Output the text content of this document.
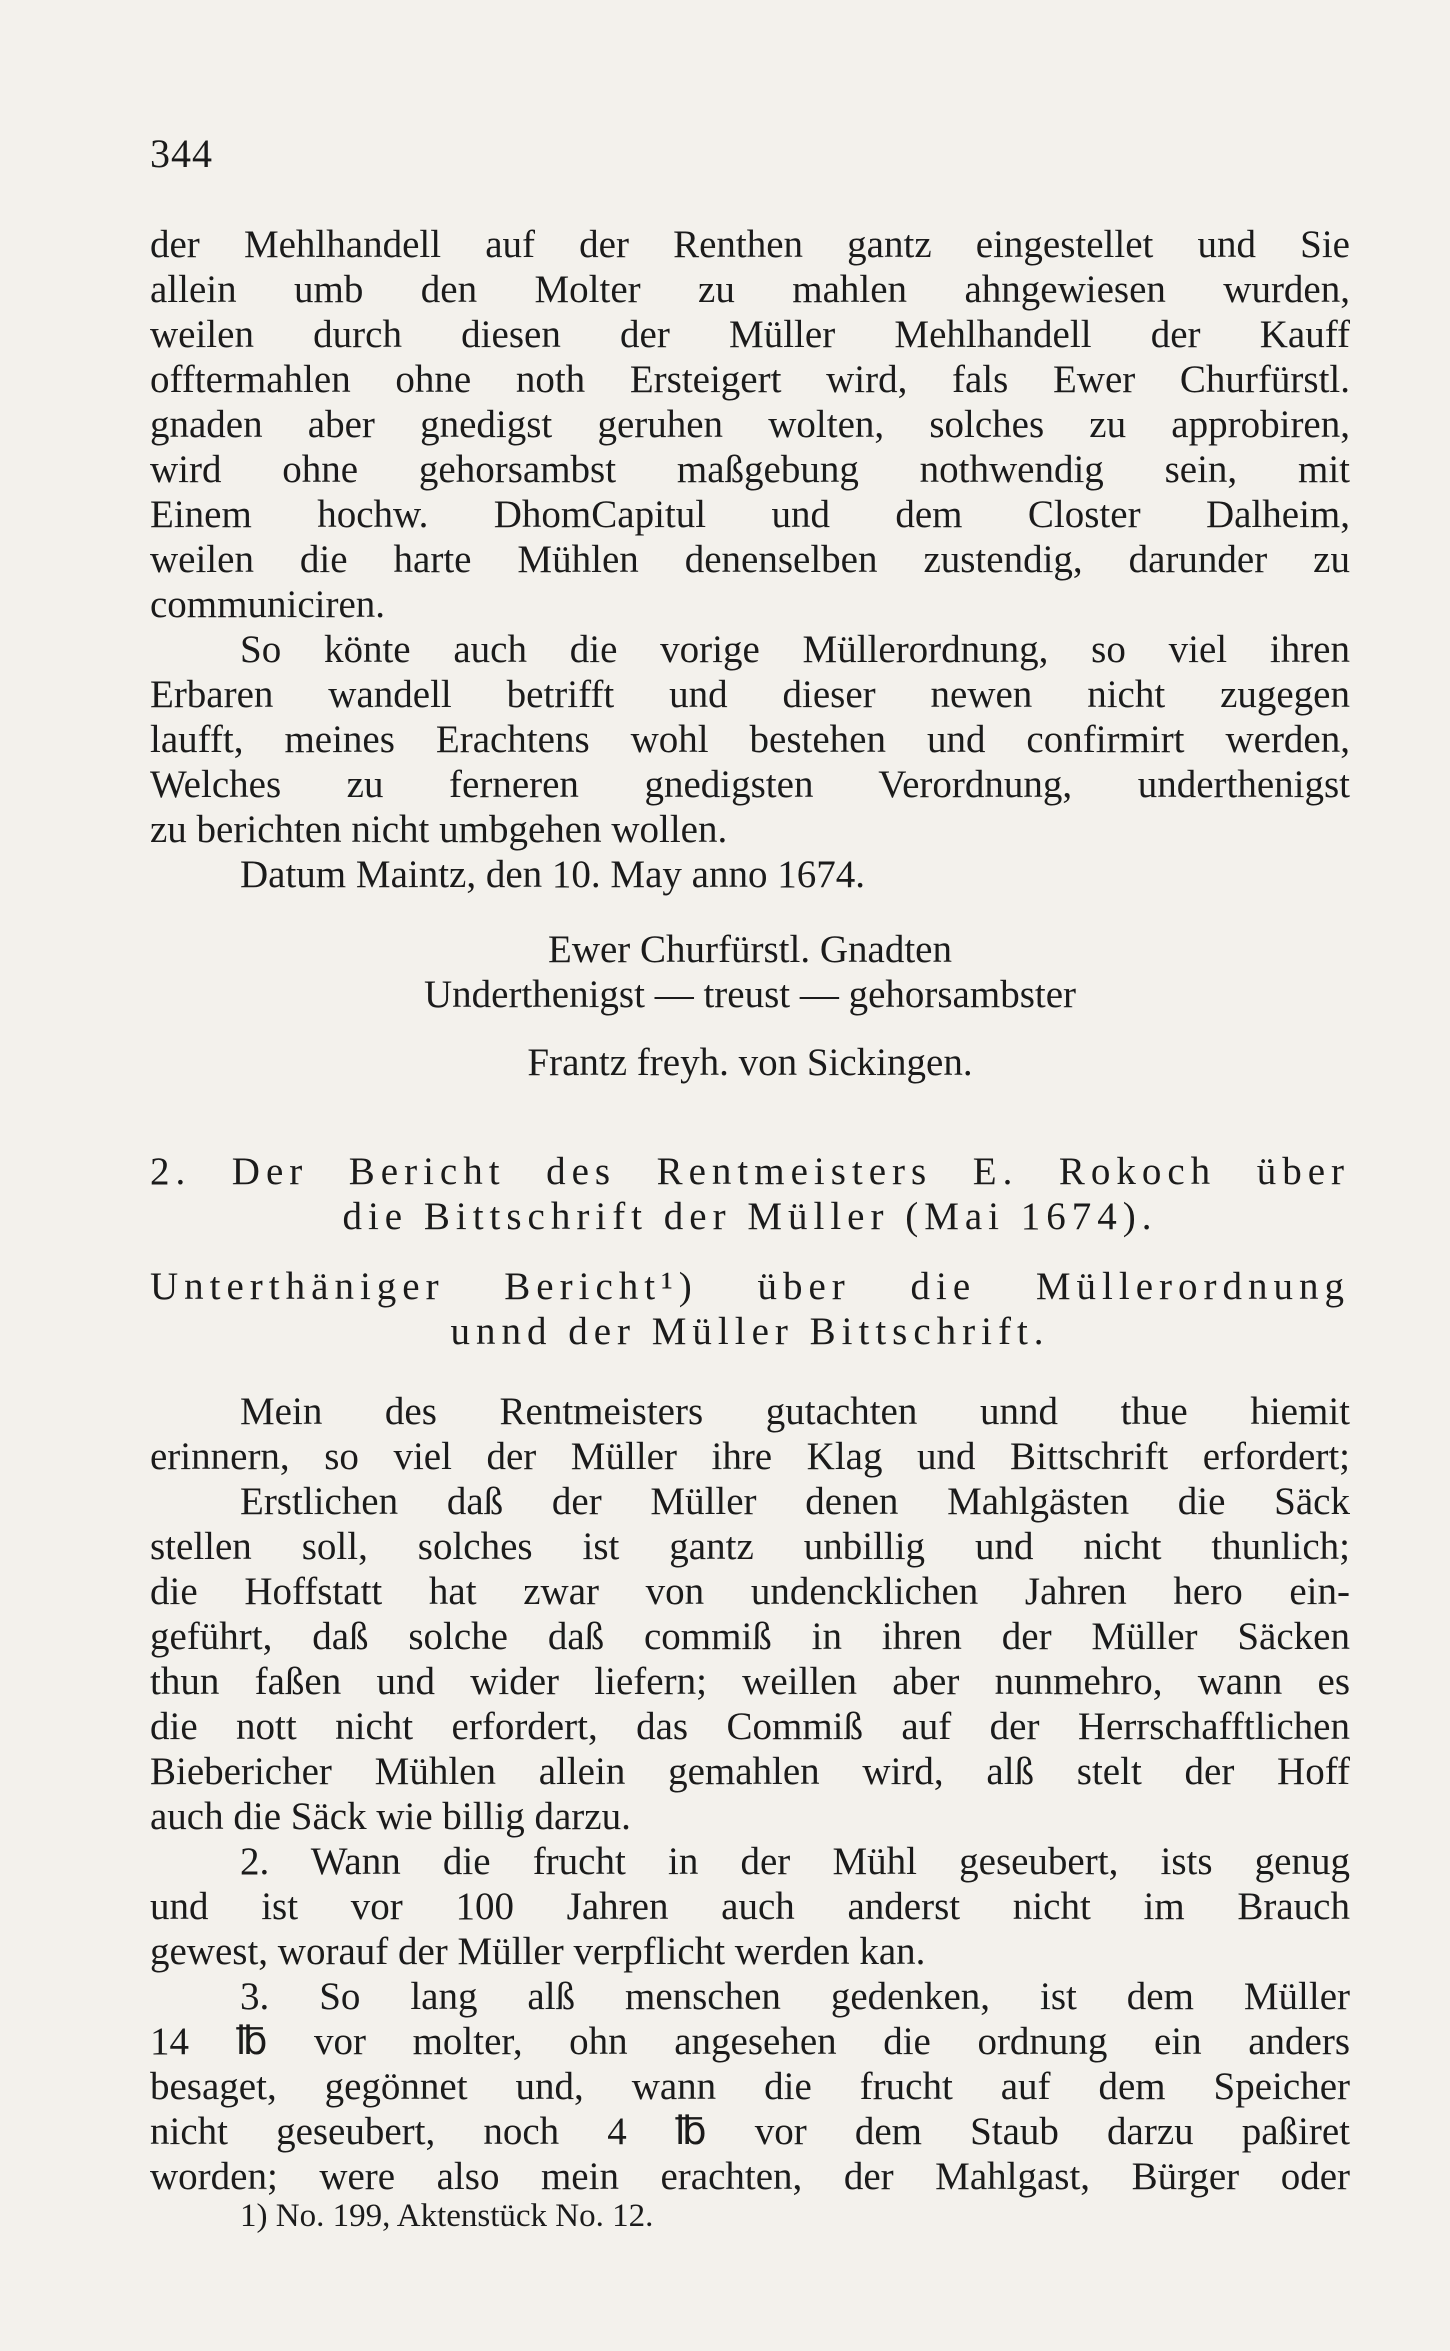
344
der Mehlhandell auf der Renthen gantz eingestellet und Sie
allein umb den Molter zu mahlen ahngewiesen wurden,
weilen durch diesen der Müller Mehlhandell der Kauff
offtermahlen ohne noth Ersteigert wird, fals Ewer Churfürstl.
gnaden aber gnedigst geruhen wolten, solches zu approbiren,
wird ohne gehorsambst maßgebung nothwendig sein, mit
Einem hochw. DhomCapitul und dem Closter Dalheim,
weilen die harte Mühlen denenselben zustendig, darunder zu
communiciren.
So könte auch die vorige Müllerordnung, so viel ihren
Erbaren wandell betrifft und dieser newen nicht zugegen
laufft, meines Erachtens wohl bestehen und confirmirt werden,
Welches zu ferneren gnedigsten Verordnung, underthenigst
zu berichten nicht umbgehen wollen.
Datum Maintz, den 10. May anno 1674.
Ewer Churfürstl. Gnadten
Underthenigst — treust — gehorsambster
Frantz freyh. von Sickingen.
2. Der Bericht des Rentmeisters E. Rokoch über
die Bittschrift der Müller (Mai 1674).
Unterthäniger Bericht¹) über die Müllerordnung
unnd der Müller Bittschrift.
Mein des Rentmeisters gutachten unnd thue hiemit
erinnern, so viel der Müller ihre Klag und Bittschrift erfordert;
Erstlichen daß der Müller denen Mahlgästen die Säck
stellen soll, solches ist gantz unbillig und nicht thunlich;
die Hoffstatt hat zwar von undencklichen Jahren hero ein-
geführt, daß solche daß commiß in ihren der Müller Säcken
thun faßen und wider liefern; weillen aber nunmehro, wann es
die nott nicht erfordert, das Commiß auf der Herrschafftlichen
Biebericher Mühlen allein gemahlen wird, alß stelt der Hoff
auch die Säck wie billig darzu.
2. Wann die frucht in der Mühl geseubert, ists genug
und ist vor 100 Jahren auch anderst nicht im Brauch
gewest, worauf der Müller verpflicht werden kan.
3. So lang alß menschen gedenken, ist dem Müller
14 ℔ vor molter, ohn angesehen die ordnung ein anders
besaget, gegönnet und, wann die frucht auf dem Speicher
nicht geseubert, noch 4 ℔ vor dem Staub darzu paßiret
worden; were also mein erachten, der Mahlgast, Bürger oder
1) No. 199, Aktenstück No. 12.
